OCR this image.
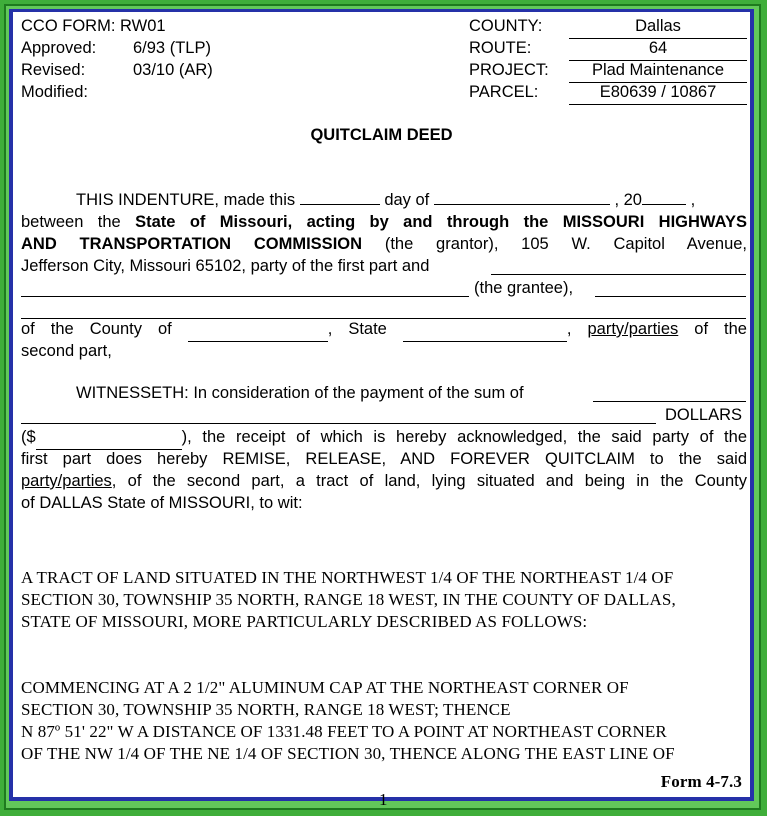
CCO FORM: RW01
Approved: 6/93 (TLP)
Revised:	03/10 (AR)
Modified:
COUNTY:	Dallas
ROUTE:	64
PROJECT:	Plad Maintenance
PARCEL:	E80639 / 10867
QUITCLAIM DEED
THIS INDENTURE, made this	day of	, 20	,
between the State of Missouri, acting by and through the MISSOURI HIGHWAYS
AND TRANSPORTATION COMMISSION (the grantor), 105 W. Capitol Avenue,
Jefferson City, Missouri 65102, party of the first part and
(the grantee),
of the County of	, State	, party/parties of the
second part,
WITNESSETH: In consideration of the payment of the sum of
DOLLARS
($	), the receipt of which is hereby acknowledged, the said party of the
first part does hereby REMISE, RELEASE, AND FOREVER QUITCLAIM to the said
party/parties, of the second part, a tract of land, lying situated and being in the County
of DALLAS State of MISSOURI, to wit:
A TRACT OF LAND SITUATED IN THE NORTHWEST 1/4 OF THE NORTHEAST 1/4 OF
SECTION 30, TOWNSHIP 35 NORTH, RANGE 18 WEST, IN THE COUNTY OF DALLAS,
STATE OF MISSOURI, MORE PARTICULARLY DESCRIBED AS FOLLOWS:
COMMENCING AT A 2 1/2" ALUMINUM CAP AT THE NORTHEAST CORNER OF
SECTION 30, TOWNSHIP 35 NORTH, RANGE 18 WEST; THENCE
N 87º 51' 22" W A DISTANCE OF 1331.48 FEET TO A POINT AT NORTHEAST CORNER
OF THE NW 1/4 OF THE NE 1/4 OF SECTION 30, THENCE ALONG THE EAST LINE OF
Form 4-7.3
1
